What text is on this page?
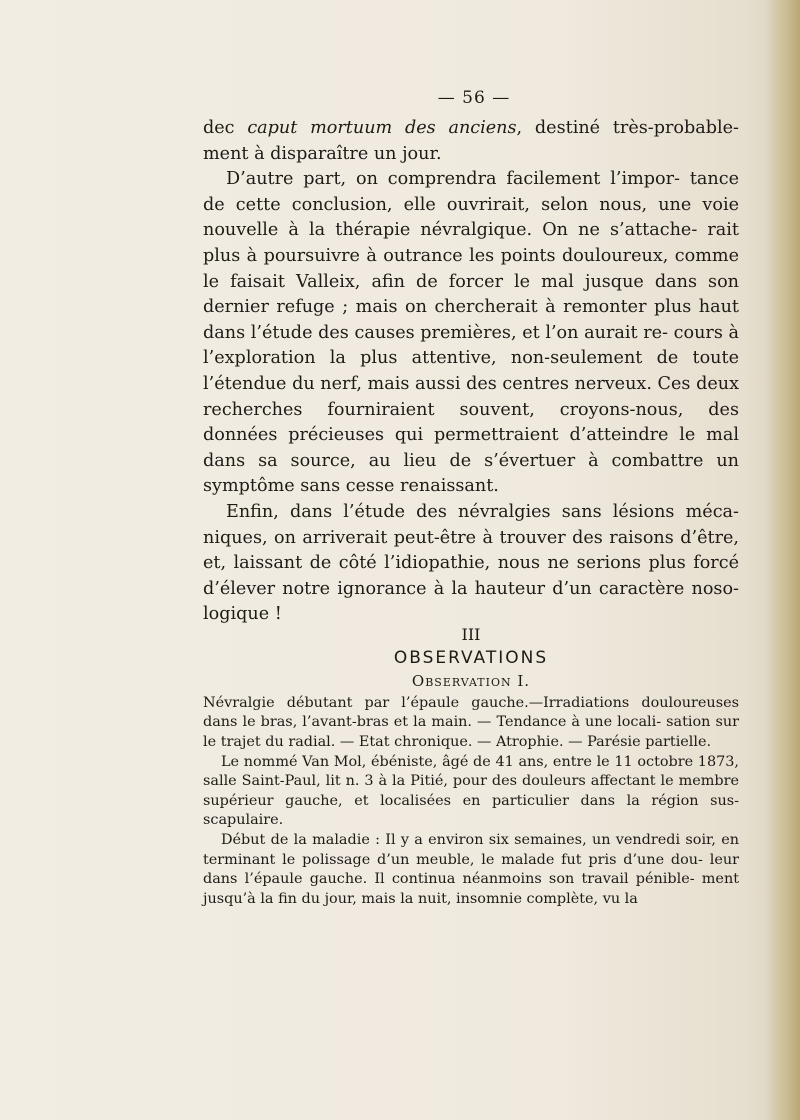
— 56 —

dec caput mortuum des anciens, destiné très-probable- ment à disparaître un jour.

D’autre part, on comprendra facilement l’impor- tance de cette conclusion, elle ouvrirait, selon nous, une voie nouvelle à la thérapie névralgique. On ne s’attache- rait plus à poursuivre à outrance les points douloureux, comme le faisait Valleix, afin de forcer le mal jusque dans son dernier refuge ; mais on chercherait à remonter plus haut dans l’étude des causes premières, et l’on aurait re- cours à l’exploration la plus attentive, non-seulement de toute l’étendue du nerf, mais aussi des centres nerveux. Ces deux recherches fourniraient souvent, croyons-nous, des données précieuses qui permettraient d’atteindre le mal dans sa source, au lieu de s’évertuer à combattre un symptôme sans cesse renaissant.

Enfin, dans l’étude des névralgies sans lésions méca- niques, on arriverait peut-être à trouver des raisons d’être, et, laissant de côté l’idiopathie, nous ne serions plus forcé d’élever notre ignorance à la hauteur d’un caractère noso- logique !

III
OBSERVATIONS
Observation I.

Névralgie débutant par l’épaule gauche.—Irradiations douloureuses dans le bras, l’avant-bras et la main. — Tendance à une locali- sation sur le trajet du radial. — Etat chronique. — Atrophie. — Parésie partielle.

Le nommé Van Mol, ébéniste, âgé de 41 ans, entre le 11 octobre 1873, salle Saint-Paul, lit n. 3 à la Pitié, pour des douleurs affectant le membre supérieur gauche, et localisées en particulier dans la région sus-scapulaire.

Début de la maladie : Il y a environ six semaines, un vendredi soir, en terminant le polissage d’un meuble, le malade fut pris d’une dou- leur dans l’épaule gauche. Il continua néanmoins son travail pénible- ment jusqu’à la fin du jour, mais la nuit, insomnie complète, vu la
